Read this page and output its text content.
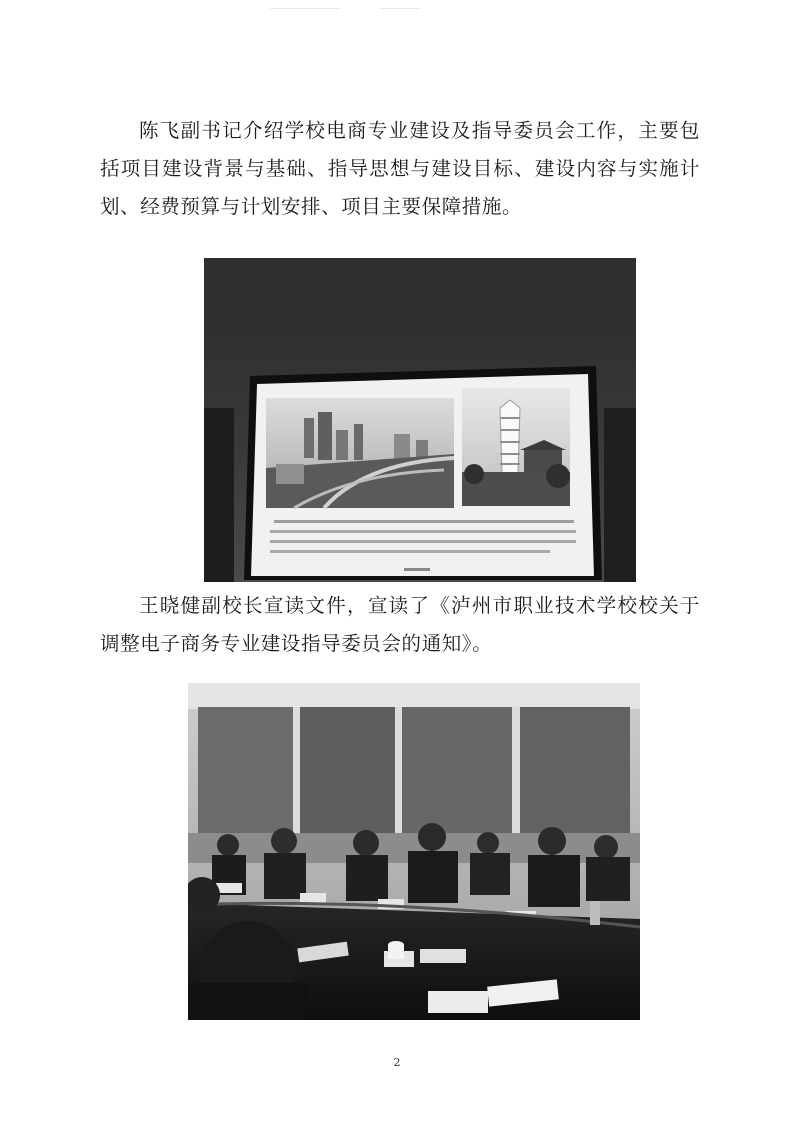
陈飞副书记介绍学校电商专业建设及指导委员会工作，主要包括项目建设背景与基础、指导思想与建设目标、建设内容与实施计划、经费预算与计划安排、项目主要保障措施。

王晓健副校长宣读文件，宣读了《泸州市职业技术学校校关于调整电子商务专业建设指导委员会的通知》。

2
